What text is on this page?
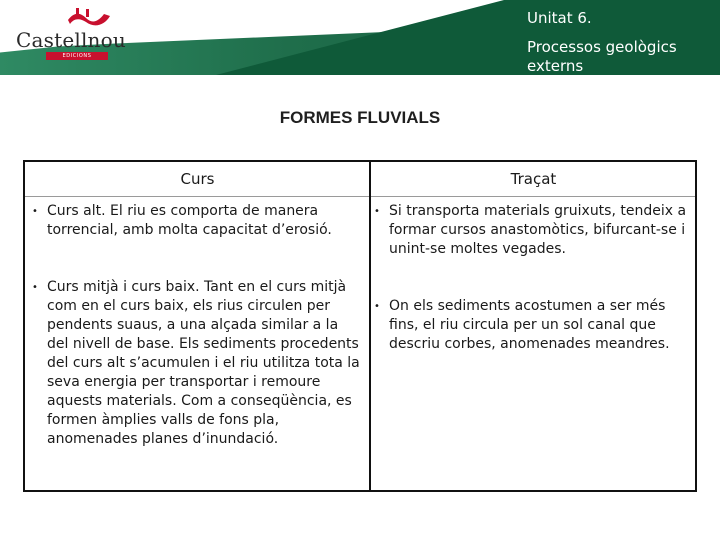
Castellnou
EDICIONS
Unitat 6.
Processos geològics externs
FORMES FLUVIALS
Curs	Traçat
• Curs alt. El riu es comporta de manera torrencial, amb molta capacitat d’erosió.
• Curs mitjà i curs baix. Tant en el curs mitjà com en el curs baix, els rius circulen per pendents suaus, a una alçada similar a la del nivell de base. Els sediments procedents del curs alt s’acumulen i el riu utilitza tota la seva energia per transportar i remoure aquests materials. Com a conseqüència, es formen àmplies valls de fons pla, anomenades planes d’inundació.
• Si transporta materials gruixuts, tendeix a formar cursos anastomòtics, bifurcant-se i unint-se moltes vegades.
• On els sediments acostumen a ser més fins, el riu circula per un sol canal que descriu corbes, anomenades meandres.
